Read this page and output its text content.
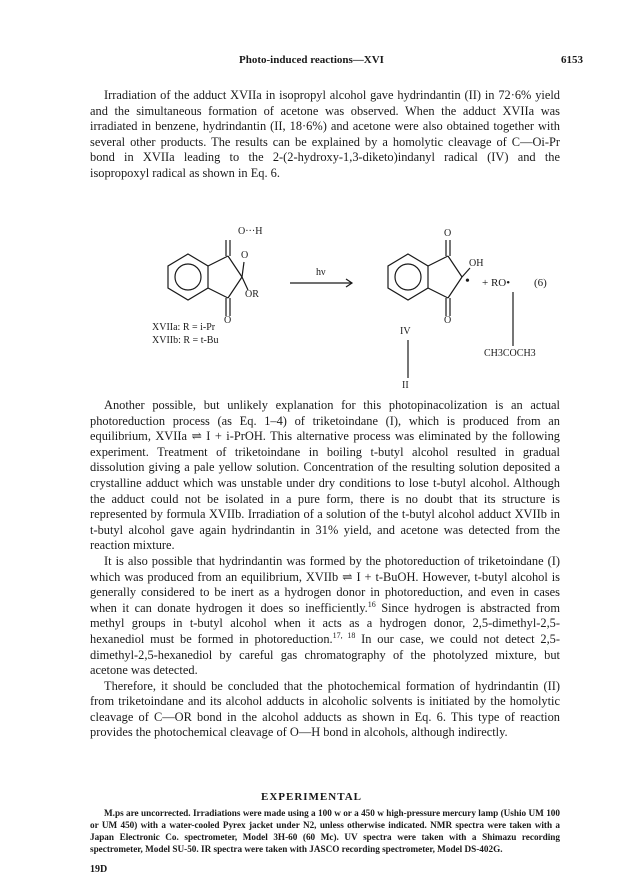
Photo-induced reactions—XVI	6153

Irradiation of the adduct XVIIa in isopropyl alcohol gave hydrindantin (II) in 72·6% yield and the simultaneous formation of acetone was observed. When the adduct XVIIa was irradiated in benzene, hydrindantin (II, 18·6%) and acetone were also obtained together with several other products. The results can be explained by a homolytic cleavage of C—Oi-Pr bond in XVIIa leading to the 2-(2-hydroxy-1,3-diketo)indanyl radical (IV) and the isopropoxyl radical as shown in Eq. 6.

O···H
O
OR
O
hν
O
OH
•
O
+ RO• (6)
XVIIa: R = i-Pr
XVIIb: R = t-Bu
IV
II
CH3COCH3

Another possible, but unlikely explanation for this photopinacolization is an actual photoreduction process (as Eq. 1–4) of triketoindane (I), which is produced from an equilibrium, XVIIa ⇌ I + i-PrOH. This alternative process was eliminated by the following experiment. Treatment of triketoindane in boiling t-butyl alcohol resulted in gradual dissolution giving a pale yellow solution. Concentration of the resulting solution deposited a crystalline adduct which was unstable under dry conditions to lose t-butyl alcohol. Although the adduct could not be isolated in a pure form, there is no doubt that its structure is represented by formula XVIIb. Irradiation of a solution of the t-butyl alcohol adduct XVIIb in t-butyl alcohol gave again hydrindantin in 31% yield, and acetone was detected from the reaction mixture.

It is also possible that hydrindantin was formed by the photoreduction of triketoindane (I) which was produced from an equilibrium, XVIIb ⇌ I + t-BuOH. However, t-butyl alcohol is generally considered to be inert as a hydrogen donor in photoreduction, and even in cases when it can donate hydrogen it does so inefficiently.$^{16}$ Since hydrogen is abstracted from methyl groups in t-butyl alcohol when it acts as a hydrogen donor, 2,5-dimethyl-2,5-hexanediol must be formed in photoreduction.$^{17, 18}$ In our case, we could not detect 2,5-dimethyl-2,5-hexanediol by careful gas chromatography of the photolyzed mixture, but acetone was detected.

Therefore, it should be concluded that the photochemical formation of hydrindantin (II) from triketoindane and its alcohol adducts in alcoholic solvents is initiated by the homolytic cleavage of C—OR bond in the alcohol adducts as shown in Eq. 6. This type of reaction provides the photochemical cleavage of O—H bond in alcohols, although indirectly.

EXPERIMENTAL

M.ps are uncorrected. Irradiations were made using a 100 w or a 450 w high-pressure mercury lamp (Ushio UM 100 or UM 450) with a water-cooled Pyrex jacket under N2, unless otherwise indicated. NMR spectra were taken with a Japan Electronic Co. spectrometer, Model 3H-60 (60 Mc). UV spectra were taken with a Shimazu recording spectrometer, Model SU-50. IR spectra were taken with JASCO recording spectrometer, Model DS-402G.

19D
